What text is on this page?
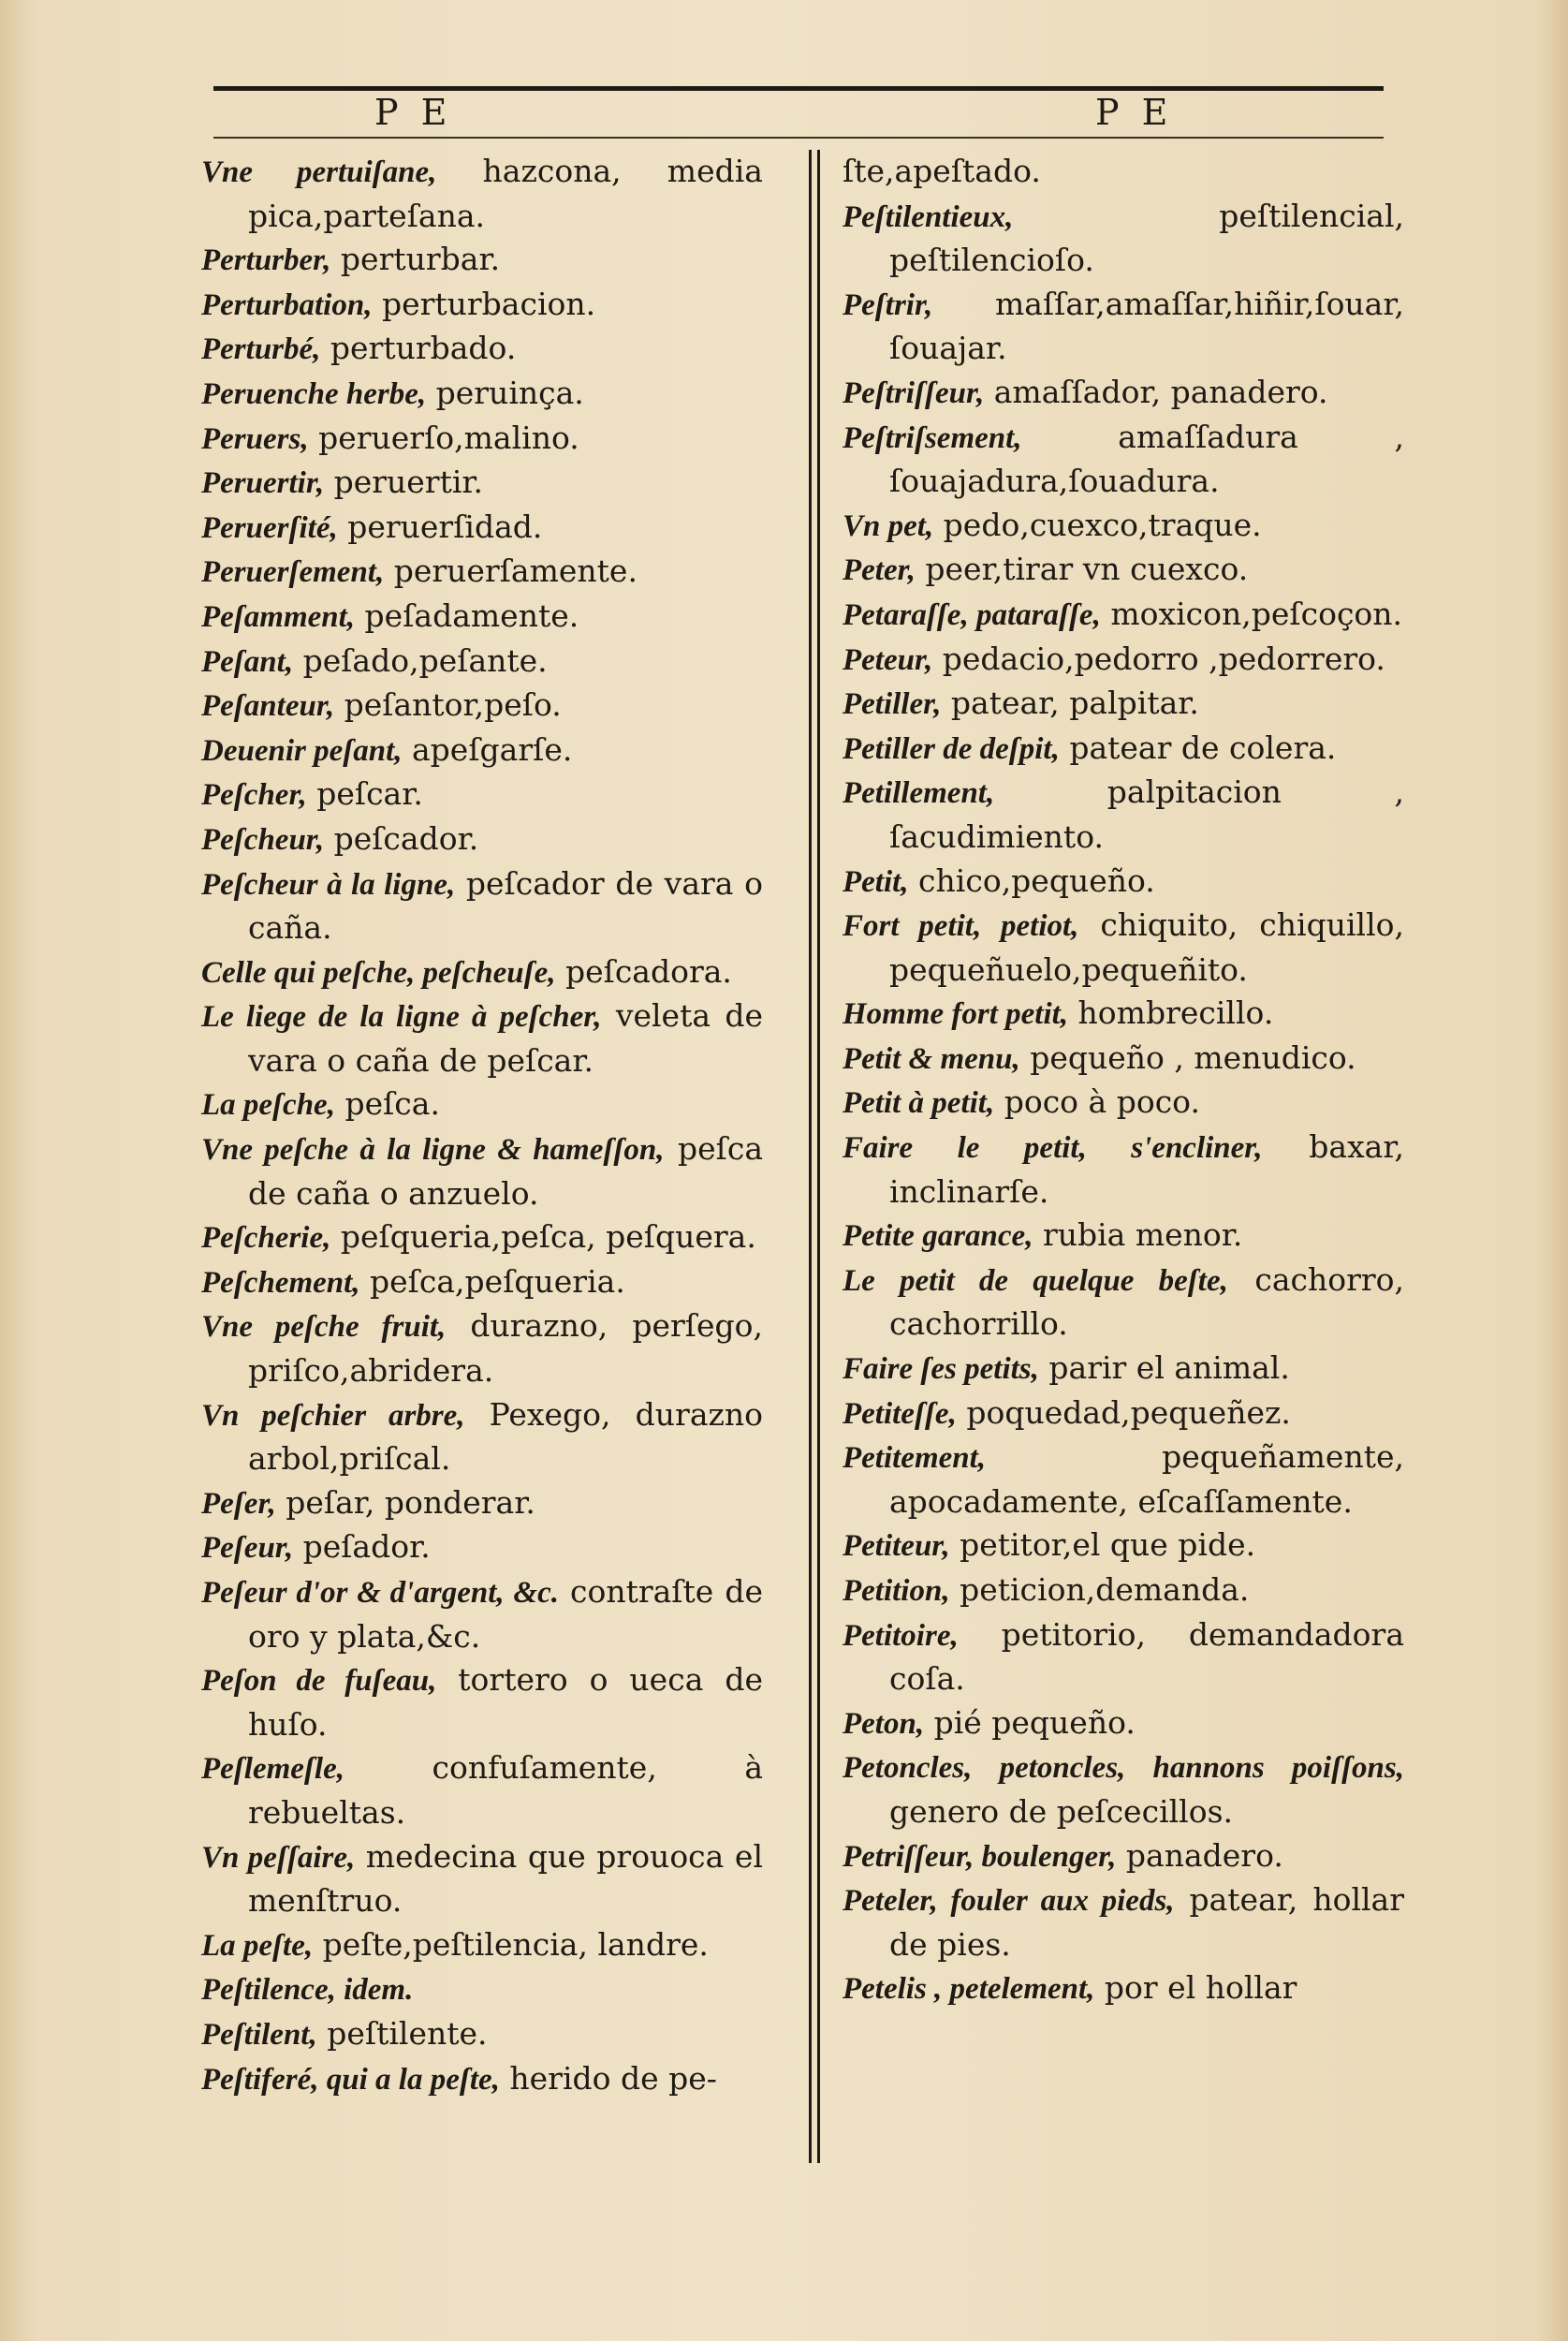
P E	P E
Vne pertuiſane, hazcona, media pica,parteſana.
Perturber, perturbar.
Perturbation, perturbacion.
Perturbé, perturbado.
Peruenche herbe, peruinça.
Peruers, peruerſo,malino.
Peruertir, peruertir.
Peruerſité, peruerſidad.
Peruerſement, peruerſamente.
Peſamment, peſadamente.
Peſant, peſado,peſante.
Peſanteur, peſantor,peſo.
Deuenir peſant, apeſgarſe.
Peſcher, peſcar.
Peſcheur, peſcador.
Peſcheur à la ligne, peſcador de vara o caña.
Celle qui peſche, peſcheuſe, peſcadora.
Le liege de la ligne à peſcher, veleta de vara o caña de peſcar.
La peſche, peſca.
Vne peſche à la ligne & hameſſon, peſca de caña o anzuelo.
Peſcherie, peſqueria,peſca, peſquera.
Peſchement, peſca,peſqueria.
Vne peſche fruit, durazno, perſego, priſco,abridera.
Vn peſchier arbre, Pexego, durazno arbol,priſcal.
Peſer, peſar, ponderar.
Peſeur, peſador.
Peſeur d'or & d'argent, &c. contraſte de oro y plata,&c.
Peſon de fuſeau, tortero o ueca de huſo.
Peſlemeſle, confuſamente, à rebueltas.
Vn peſſaire, medecina que prouoca el menſtruo.
La peſte, peſte,peſtilencia, landre.
Peſtilence, idem.
Peſtilent, peſtilente.
Peſtiferé, qui a la peſte, herido de pe-
ſte,apeſtado.
Peſtilentieux, peſtilencial, peſtilencioſo.
Peſtrir, maſſar,amaſſar,hiñir,ſouar, ſouajar.
Peſtriſſeur, amaſſador, panadero.
Peſtriſsement, amaſſadura , ſouajadura,ſouadura.
Vn pet, pedo,cuexco,traque.
Peter, peer,tirar vn cuexco.
Petaraſſe, pataraſſe, moxicon,peſcoçon.
Peteur, pedacio,pedorro ,pedorrero.
Petiller, patear, palpitar.
Petiller de deſpit, patear de colera.
Petillement, palpitacion , ſacudimiento.
Petit, chico,pequeño.
Fort petit, petiot, chiquito, chiquillo, pequeñuelo,pequeñito.
Homme fort petit, hombrecillo.
Petit & menu, pequeño , menudico.
Petit à petit, poco à poco.
Faire le petit, s'encliner, baxar, inclinarſe.
Petite garance, rubia menor.
Le petit de quelque beſte, cachorro, cachorrillo.
Faire ſes petits, parir el animal.
Petiteſſe, poquedad,pequeñez.
Petitement, pequeñamente, apocadamente, eſcaſſamente.
Petiteur, petitor,el que pide.
Petition, peticion,demanda.
Petitoire, petitorio, demandadora coſa.
Peton, pié pequeño.
Petoncles, petoncles, hannons poiſſons, genero de peſcecillos.
Petriſſeur, boulenger, panadero.
Peteler, fouler aux pieds, patear, hollar de pies.
Petelis , petelement, por el hollar
